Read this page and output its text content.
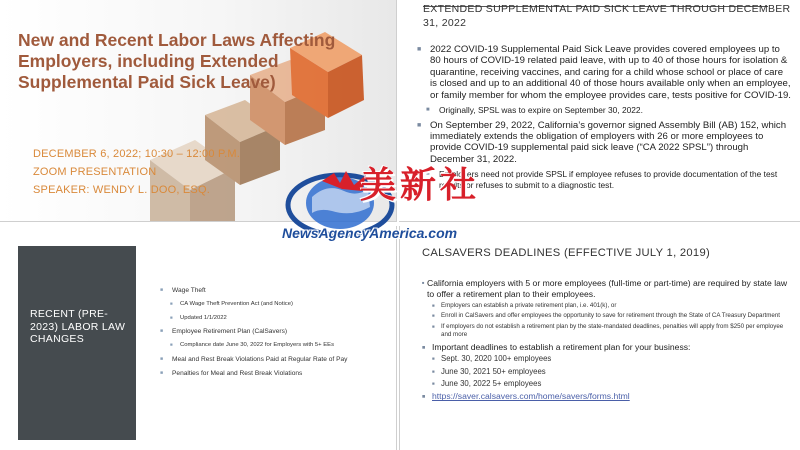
New and Recent Labor Laws Affecting Employers, including Extended Supplemental Paid Sick Leave)
DECEMBER 6, 2022; 10:30 – 12:00 P.M.
ZOOM PRESENTATION
SPEAKER: WENDY L. DOO, ESQ.
EXTENDED SUPPLEMENTAL PAID SICK LEAVE THROUGH DECEMBER 31, 2022
■ 2022 COVID-19 Supplemental Paid Sick Leave provides covered employees up to 80 hours of COVID-19 related paid leave, with up to 40 of those hours for isolation & quarantine, receiving vaccines, and caring for a child whose school or place of care is closed and up to an additional 40 of those hours available only when an employee, or family member for whom the employee provides care, tests positive for COVID-19.
■ Originally, SPSL was to expire on September 30, 2022.
■ On September 29, 2022, California’s governor signed Assembly Bill (AB) 152, which immediately extends the obligation of employers with 26 or more employees to provide COVID-19 supplemental paid sick leave (“CA 2022 SPSL”) through December 31, 2022.
■ Employers need not provide SPSL if employee refuses to provide documentation of the test results or refuses to submit to a diagnostic test.
RECENT (PRE-2023) LABOR LAW CHANGES
■ Wage Theft
■ CA Wage Theft Prevention Act (and Notice)
■ Updated 1/1/2022
■ Employee Retirement Plan (CalSavers)
■ Compliance date June 30, 2022 for Employers with 5+ EEs
■ Meal and Rest Break Violations Paid at Regular Rate of Pay
■ Penalties for Meal and Rest Break Violations
CALSAVERS DEADLINES (EFFECTIVE JULY 1, 2019)
■ California employers with 5 or more employees (full-time or part-time) are required by state law to offer a retirement plan to their employees.
■ Employers can establish a private retirement plan, i.e. 401(k), or
■ Enroll in CalSavers and offer employees the opportunity to save for retirement through the State of CA Treasury Department
■ If employers do not establish a retirement plan by the state-mandated deadlines, penalties will apply from $250 per employee and more
■ Important deadlines to establish a retirement plan for your business:
■ Sept. 30, 2020 100+ employees
■ June 30, 2021 50+ employees
■ June 30, 2022 5+ employees
■ https://saver.calsavers.com/home/savers/forms.html
美新社
NewsAgencyAmerica.com
